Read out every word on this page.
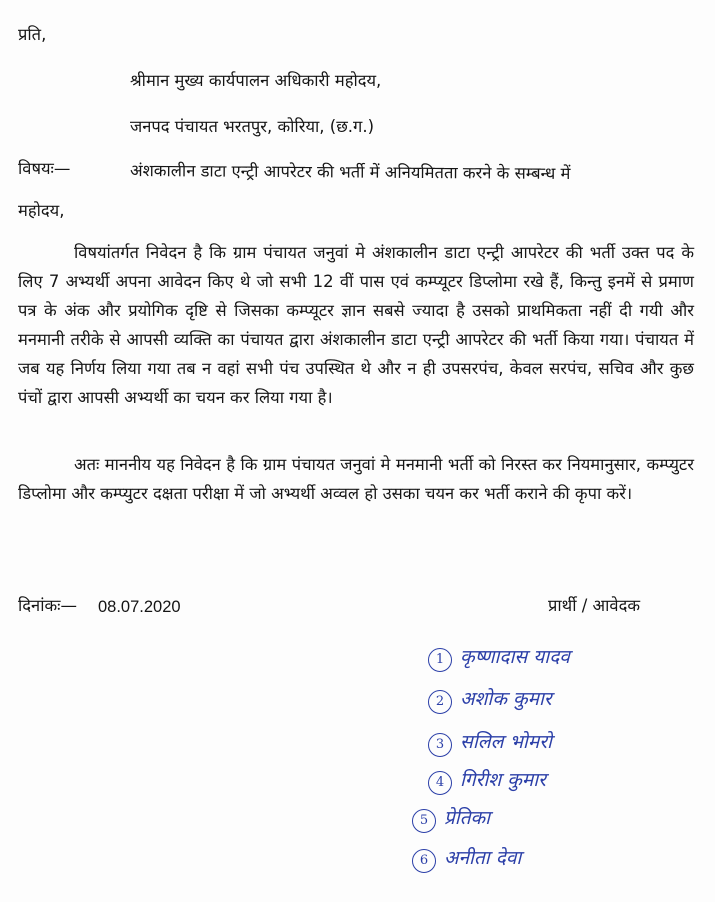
प्रति,
श्रीमान मुख्य कार्यपालन अधिकारी महोदय,
जनपद पंचायत भरतपुर, कोरिया, (छ.ग.)
विषयः—	अंशकालीन डाटा एन्ट्री आपरेटर की भर्ती में अनियमितता करने के सम्बन्ध में
महोदय,
विषयांतर्गत निवेदन है कि ग्राम पंचायत जनुवां मे अंशकालीन डाटा एन्ट्री आपरेटर की भर्ती उक्त पद के लिए 7 अभ्यर्थी अपना आवेदन किए थे जो सभी 12 वीं पास एवं कम्प्यूटर डिप्लोमा रखे हैं, किन्तु इनमें से प्रमाण पत्र के अंक और प्रयोगिक दृष्टि से जिसका कम्प्यूटर ज्ञान सबसे ज्यादा है उसको प्राथमिकता नहीं दी गयी और मनमानी तरीके से आपसी व्यक्ति का पंचायत द्वारा अंशकालीन डाटा एन्ट्री आपरेटर की भर्ती किया गया। पंचायत में जब यह निर्णय लिया गया तब न वहां सभी पंच उपस्थित थे और न ही उपसरपंच, केवल सरपंच, सचिव और कुछ पंचों द्वारा आपसी अभ्यर्थी का चयन कर लिया गया है।
अतः माननीय यह निवेदन है कि ग्राम पंचायत जनुवां मे मनमानी भर्ती को निरस्त कर नियमानुसार, कम्प्युटर डिप्लोमा और कम्प्युटर दक्षता परीक्षा में जो अभ्यर्थी अव्वल हो उसका चयन कर भर्ती कराने की कृपा करें।
दिनांकः— 08.07.2020	प्रार्थी / आवेदक
1 कृष्णादास यादव
2 अशोक कुमार
3 सलिल भोमरो
4 गिरीश कुमार
5 प्रेतिका
6 अनीता देवा
